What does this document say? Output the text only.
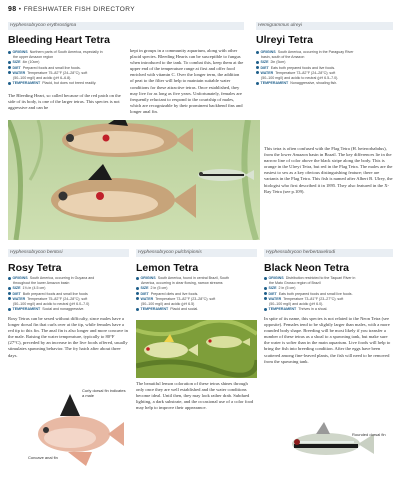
98 • FRESHWATER FISH DIRECTORY
Hyphessobrycon erythrostigma
Bleeding Heart Tetra
ORIGINS Northern parts of South America, especially in
the upper Amazon region
SIZE 4in (10cm)
DIET Prepared foods and small live foods.
WATER Temperature 75–82°F (24–28°C); soft
(50–100 mg/l) and acidic (pH 6–6.8).
TEMPERAMENT Placid, but does not breed readily.
kept in groups in a community aquarium, along with other placid species. Bleeding Hearts can be susceptible to fungus when introduced to the tank. To combat this, keep them at the upper end of the temperature range at first and offer food enriched with vitamin C. Over the longer term, the addition of peat to the filter will help to maintain suitable water conditions for these attractive tetras. Once established, they may live for as long as five years. Unfortunately, females are frequently reluctant to respond to the courtship of males, which are recognizable by their prominent backbend fins and longer anal fin.
The Bleeding Heart, so called because of the red patch on the side of its body, is one of the larger tetras. This species is not aggressive and can be
Hemigrammus ulreyi
Ulreyi Tetra
ORIGINS South America, occurring in the Paraguay River
basin, south of the Amazon
SIZE 2in (5cm)
DIET Eats both prepared foods and live foods.
WATER Temperature 73–82°F (24–28°C); soft
(50–100 mg/l) and acidic to neutral (pH 6.5–7.0).
TEMPERAMENT Nonaggressive, shoaling fish.
This tetra is often confused with the Flag Tetra (H. heterorhabdus), from the lower Amazon basin in Brazil. The key differences lie in the narrow line of color above the black stripe along the body. This is orange in the Ulreyi Tetra, but red in the Flag Tetra. The males are the easiest to sex as a key obvious distinguishing feature; there are variants in the Flag Tetra. This fish is named after Albert B. Ulrey, the biologist who first described it in 1895. They also featured in the X-Ray Tetra (see p.109).
Hyphessobrycon bentosi	Hyphessobrycon pulchripinnis	Hyphessobrycon herbertaxelrodi
Rosy Tetra	Lemon Tetra	Black Neon Tetra
ORIGINS South America, occurring in Guyana and
throughout the lower Amazon basin
SIZE 1¾ in (4.5 cm)
DIET Both prepared foods and small live foods
WATER Temperature 75–82°F (24–28°C); soft
(50–100 mg/l) and acidic to neutral (pH 6.0–7.0)
TEMPERAMENT Social and nonaggressive.
ORIGINS South America, found in central Brazil, South
America, occurring in clear flowing, narrow streams
SIZE 2 in (5 cm)
DIET Prepared diets and live foods.
WATER Temperature 73–82°F (23–28°C); soft
(50–100 mg/l) and acidic (pH 6.5)
TEMPERAMENT Placid and social.
ORIGINS Distribution restricted to the Taquari River in
the Mato Grosso region of Brazil
SIZE 2 in (5 cm)
DIET Eats both prepared foods and small live foods.
WATER Temperature 73–81°F (23–27°C); soft
(50–100 mg/l) and acidic (pH 6.0).
TEMPERAMENT Thrives in a shoal.
Rosy Tetras can be sexed without difficulty, since males have a longer dorsal fin that curls over at the tip, while females have a red tip to this fin. The anal fin is also longer and more concave in the male. Raising the water temperature, typically to 80°F (27°C), preceded by an increase in the live foods offered, usually stimulates spawning behavior. The fry hatch after about three days.
Curly dorsal fin indicates a male
Concave anal fin
The beautiful lemon coloration of these tetras shines through only once they are well established and the water conditions become ideal. Until then, they may look rather drab. Subdued lighting, a dark substrate, and the occasional use of a color food may help to improve their appearance.
In spite of its name, this species is not related to the Neon Tetra (see opposite). Females tend to be slightly larger than males, with a more rounded body shape. Breeding will be most likely if you transfer a number of these tetras as a shoal to a spawning tank, but make sure the water is softer than in the main aquarium. Live foods will help to bring the fish into breeding condition. After the eggs have been scattered among fine-leaved plants, the fish will need to be removed from the spawning tank.
Rounded dorsal fin
